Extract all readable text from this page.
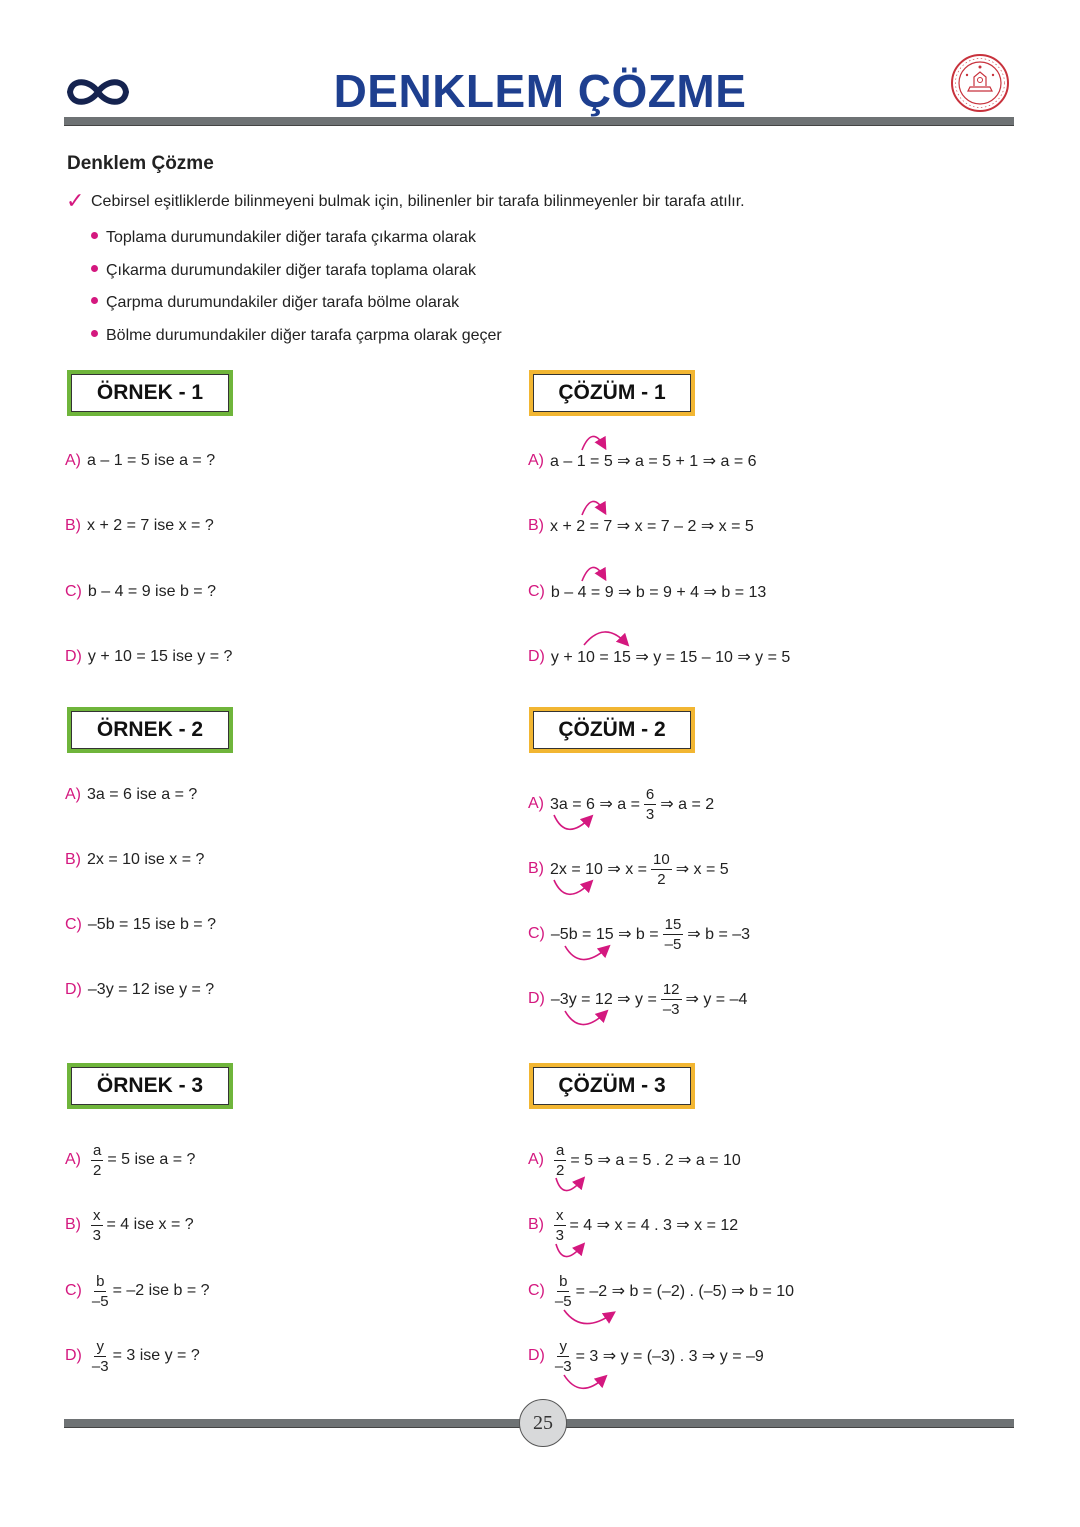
DENKLEM ÇÖZME
Denklem Çözme
✓ Cebirsel eşitliklerde bilinmeyeni bulmak için, bilinenler bir tarafa bilinmeyenler bir tarafa atılır.
Toplama durumundakiler diğer tarafa çıkarma olarak
Çıkarma durumundakiler diğer tarafa toplama olarak
Çarpma durumundakiler diğer tarafa bölme olarak
Bölme durumundakiler diğer tarafa çarpma olarak geçer
ÖRNEK - 1	ÇÖZÜM - 1
A) a – 1 = 5 ise a = ?
B) x + 2 = 7 ise x = ?
C) b – 4 = 9 ise b = ?
D) y + 10 = 15 ise y = ?
A) a – 1 = 5 ⇒ a = 5 + 1 ⇒ a = 6
B) x + 2 = 7 ⇒ x = 7 – 2 ⇒ x = 5
C) b – 4 = 9 ⇒ b = 9 + 4 ⇒ b = 13
D) y + 10 = 15 ⇒ y = 15 – 10 ⇒ y = 5
ÖRNEK - 2	ÇÖZÜM - 2
A) 3a = 6 ise a = ?
B) 2x = 10 ise x = ?
C) –5b = 15 ise b = ?
D) –3y = 12 ise y = ?
A) 3a = 6 ⇒ $a = \frac{6}{3}$ ⇒ a = 2
B) 2x = 10 ⇒ $x = \frac{10}{2}$ ⇒ x = 5
C) –5b = 15 ⇒ $b = \frac{15}{-5}$ ⇒ b = –3
D) –3y = 12 ⇒ $y = \frac{12}{-3}$ ⇒ y = –4
ÖRNEK - 3	ÇÖZÜM - 3
$A) \frac{a}{2} = 5$ ise a = ?
$B) \frac{x}{3} = 4$ ise x = ?
$C) \frac{b}{-5} = -2$ ise b = ?
$D) \frac{y}{-3} = 3$ ise y = ?
$A) \frac{a}{2} = 5$ ⇒ a = 5 . 2 ⇒ a = 10
$B) \frac{x}{3} = 4$ ⇒ x = 4 . 3 ⇒ x = 12
$C) \frac{b}{-5} = -2$ ⇒ b = (–2) . (–5) ⇒ b = 10
$D) \frac{y}{-3} = 3$ ⇒ y = (–3) . 3 ⇒ y = –9
25
